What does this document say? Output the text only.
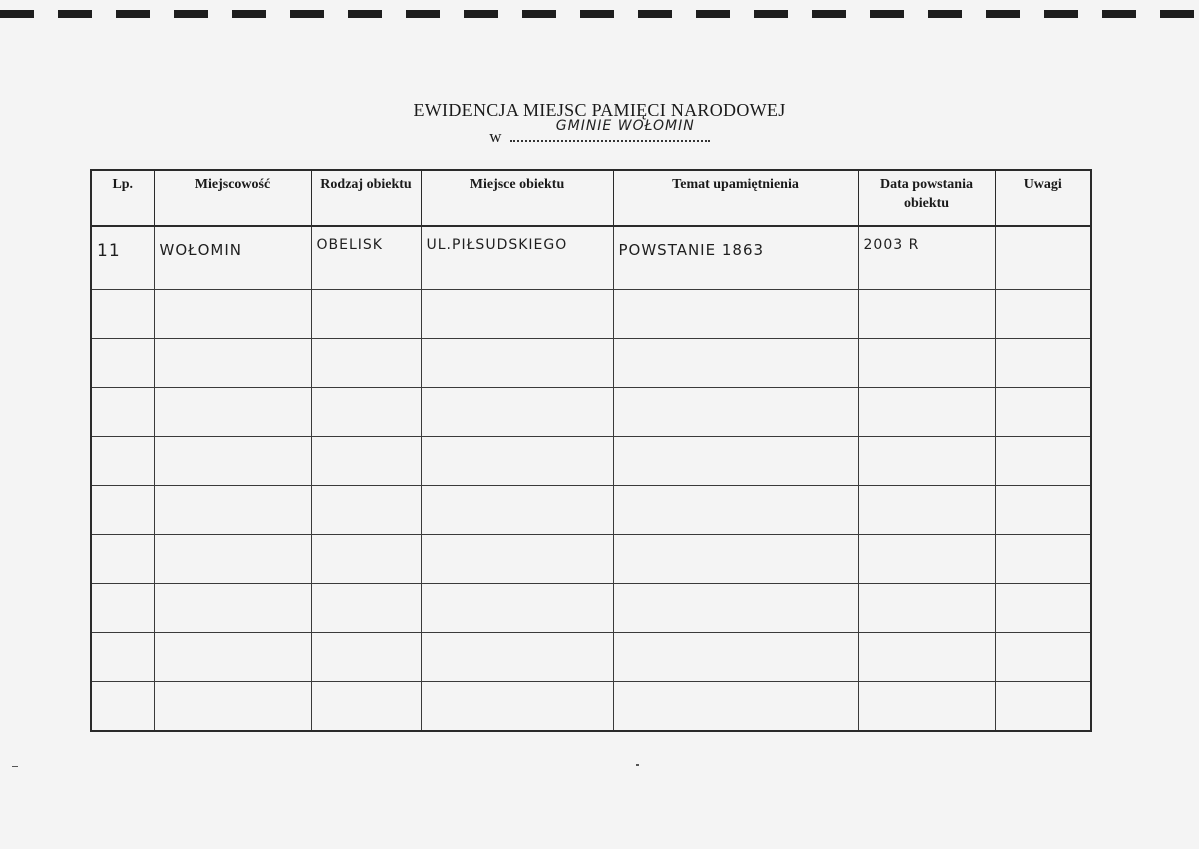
EWIDENCJA MIEJSC PAMIĘCI NARODOWEJ
w
GMINIE WOŁOMIN
Lp.	Miejscowość	Rodzaj obiektu	Miejsce obiektu	Temat upamiętnienia	Data powstania obiektu	Uwagi
11	WOŁOMIN	OBELISK	UL.PIŁSUDSKIEGO	POWSTANIE 1863	2003 R	
